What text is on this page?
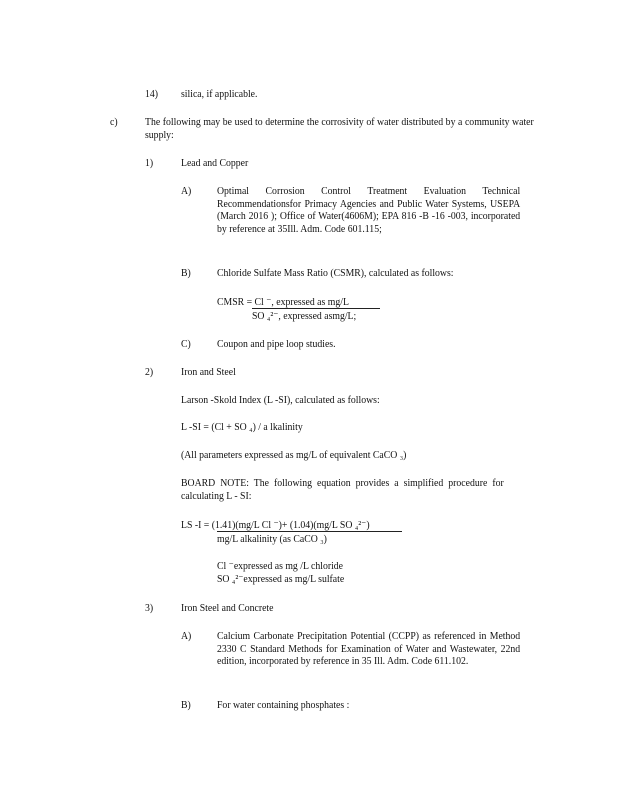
14) silica, if applicable.
c)	The following may be used to determine the corrosivity of water distributed by a community water supply:
1)	Lead and Copper
A) Optimal Corrosion Control Treatment Evaluation Technical Recommendationsfor Primacy Agencies and Public Water Systems, USEPA (March 2016 ); Office of Water(4606M); EPA 816 -B -16 -003, incorporated by reference at 35Ill. Adm. Code 601.115;
B) Chloride Sulfate Mass Ratio (CSMR), calculated as follows:
CMSR = Cl ⁻, expressed as mg/L
SO ₄²⁻, expressed asmg/L;
C) Coupon and pipe loop studies.
2)	Iron and Steel
Larson -Skold Index (L -SI), calculated as follows:
L -SI = (Cl + SO ₄) / a lkalinity
(All parameters expressed as mg/L of equivalent CaCO ₃)
BOARD NOTE: The following equation provides a simplified procedure for calculating L - SI:
LS -I = (1.41)(mg/L Cl ⁻)+ (1.04)(mg/L SO ₄²⁻)
mg/L alkalinity (as CaCO ₃)
Cl ⁻expressed as mg /L chloride
SO ₄²⁻expressed as mg/L sulfate
3)	Iron Steel and Concrete
A) Calcium Carbonate Precipitation Potential (CCPP) as referenced in Method 2330 C Standard Methods for Examination of Water and Wastewater, 22nd edition, incorporated by reference in 35 Ill. Adm. Code 611.102.
B) For water containing phosphates :
